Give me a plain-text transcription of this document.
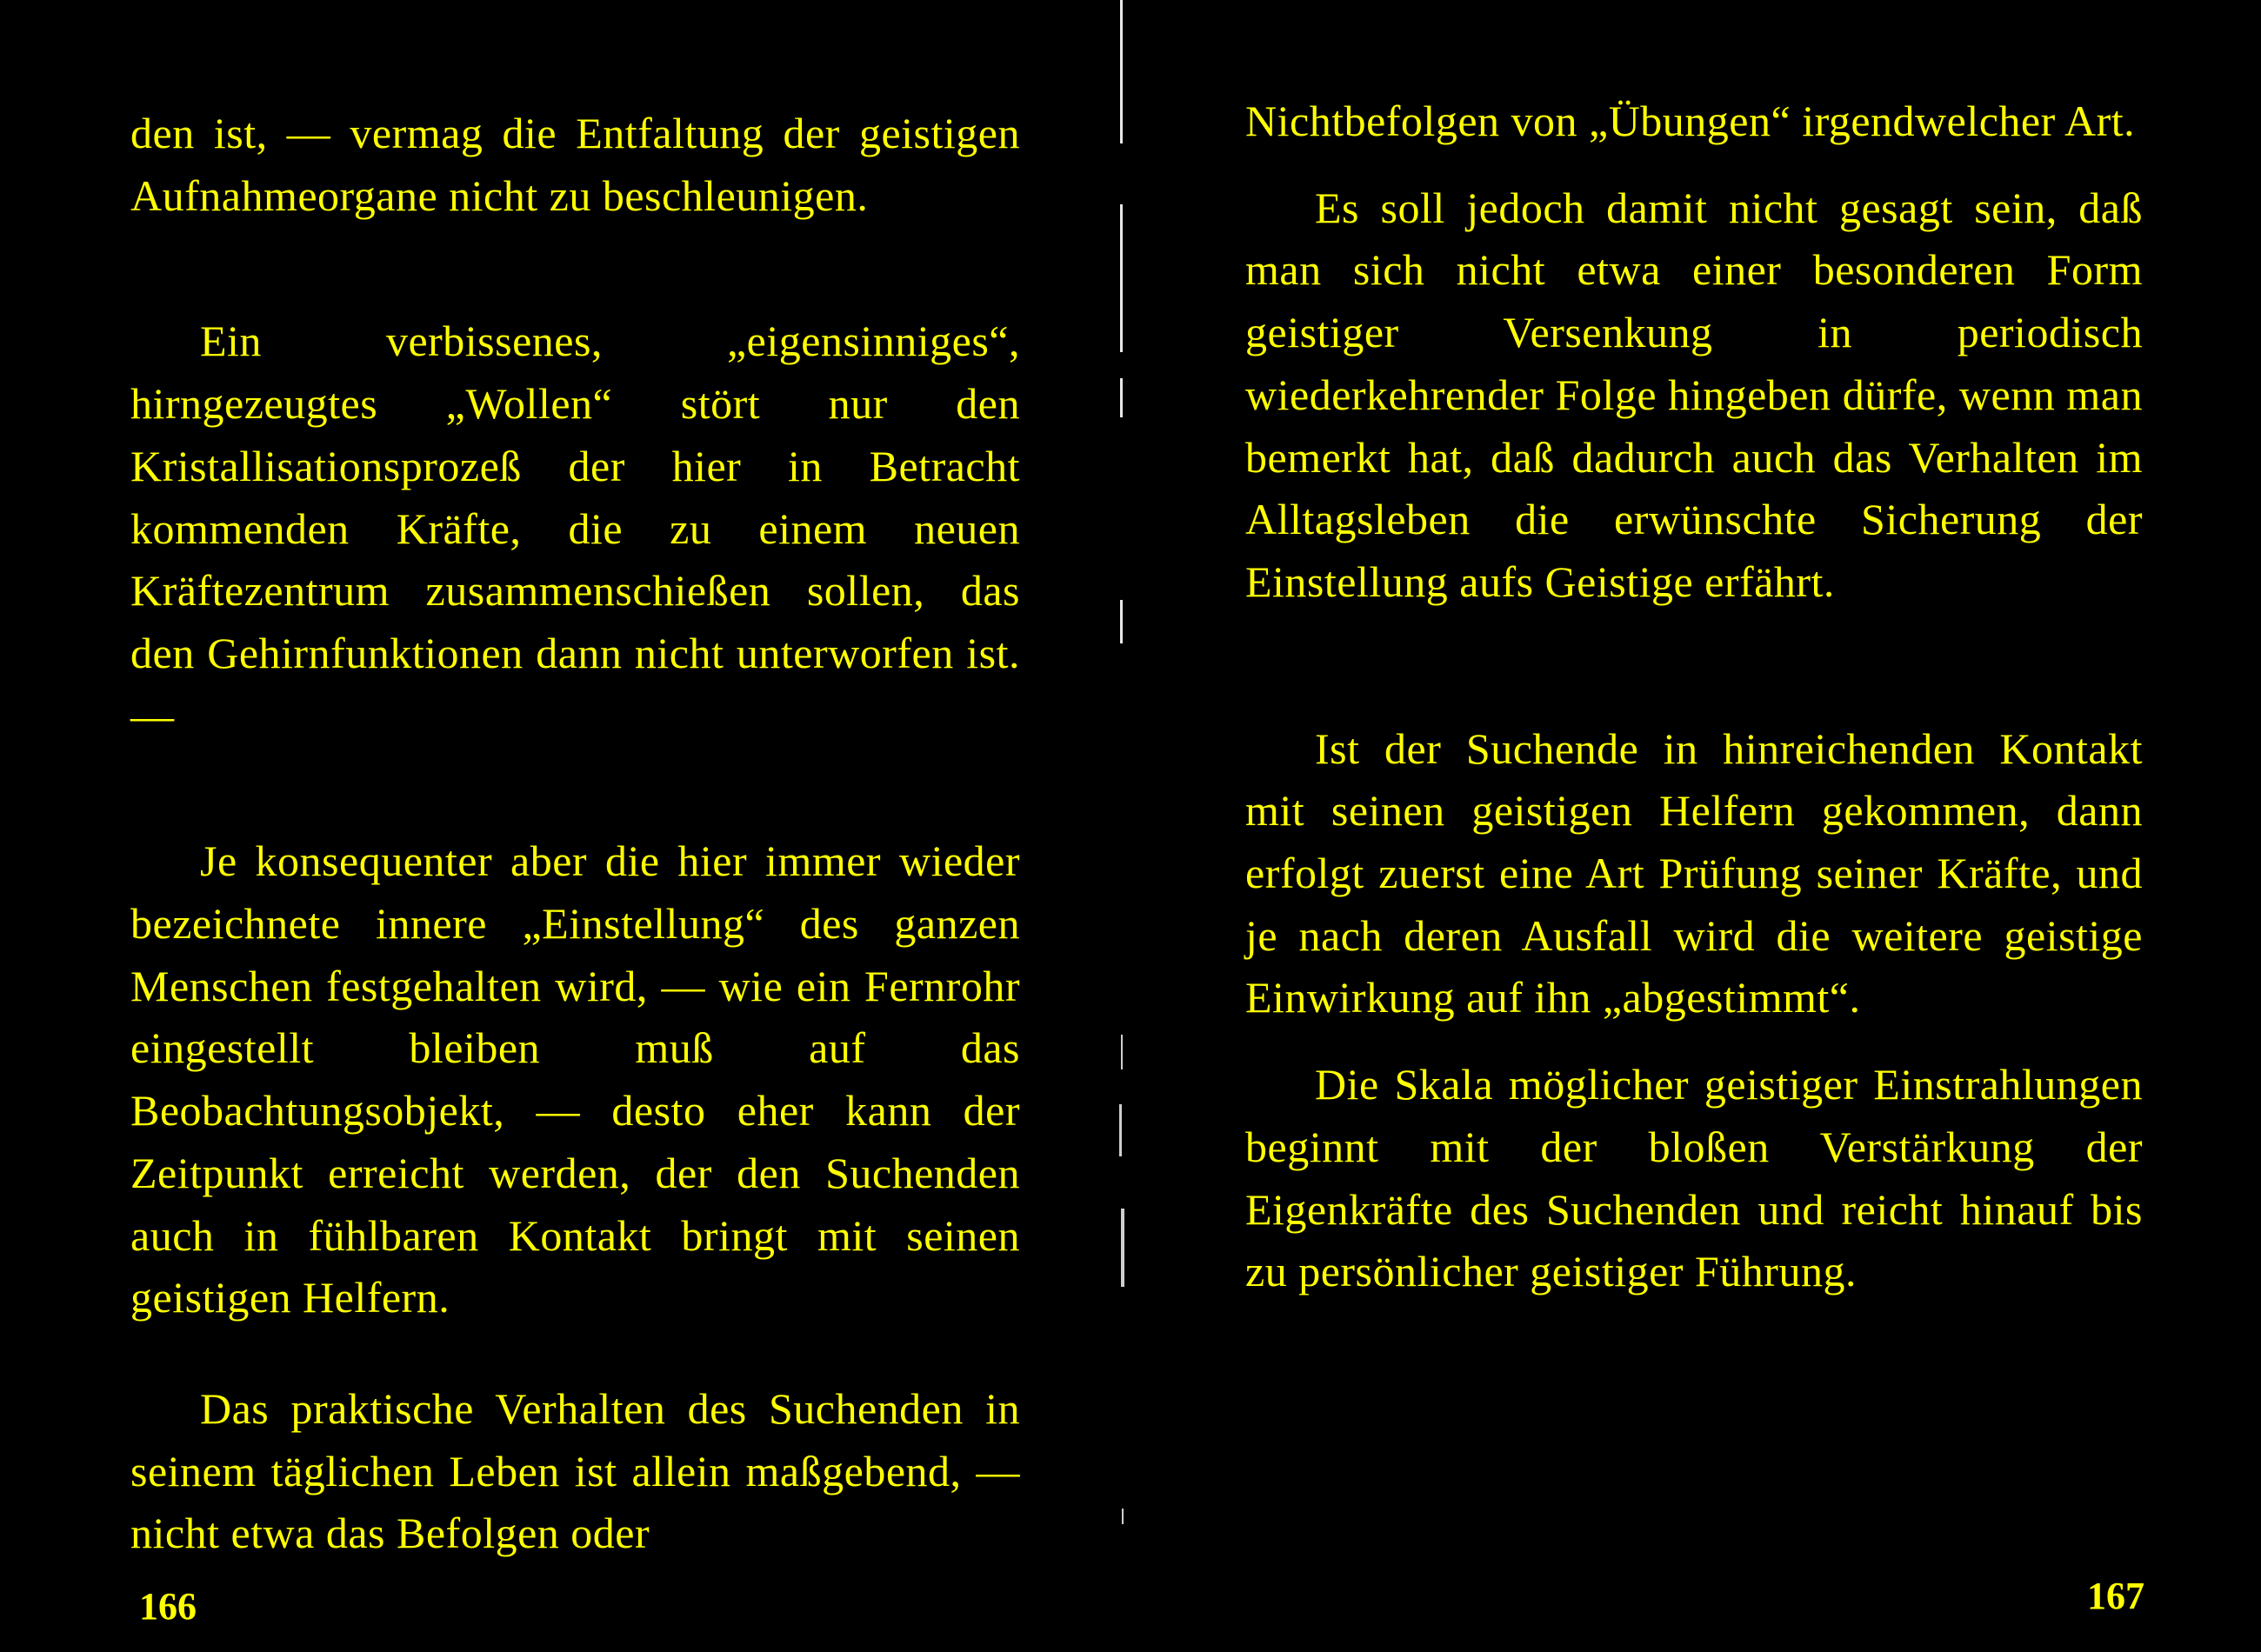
den ist, — vermag die Entfaltung der geistigen Aufnahmeorgane nicht zu beschleunigen.

Ein verbissenes, „eigensinniges“, hirngezeugtes „Wollen“ stört nur den Kristallisationsprozeß der hier in Betracht kommenden Kräfte, die zu einem neuen Kräftezentrum zusammenschießen sollen, das den Gehirnfunktionen dann nicht unterworfen ist. —

Je konsequenter aber die hier immer wieder bezeichnete innere „Einstellung“ des ganzen Menschen festgehalten wird, — wie ein Fernrohr eingestellt bleiben muß auf das Beobachtungsobjekt, — desto eher kann der Zeitpunkt erreicht werden, der den Suchenden auch in fühlbaren Kontakt bringt mit seinen geistigen Helfern.

Das praktische Verhalten des Suchenden in seinem täglichen Leben ist allein maßgebend, — nicht etwa das Befolgen oder

166

Nichtbefolgen von „Übungen“ irgendwelcher Art.

Es soll jedoch damit nicht gesagt sein, daß man sich nicht etwa einer besonderen Form geistiger Versenkung in periodisch wiederkehrender Folge hingeben dürfe, wenn man bemerkt hat, daß dadurch auch das Verhalten im Alltagsleben die erwünschte Sicherung der Einstellung aufs Geistige erfährt.

Ist der Suchende in hinreichenden Kontakt mit seinen geistigen Helfern gekommen, dann erfolgt zuerst eine Art Prüfung seiner Kräfte, und je nach deren Ausfall wird die weitere geistige Einwirkung auf ihn „abgestimmt“.

Die Skala möglicher geistiger Einstrahlungen beginnt mit der bloßen Verstärkung der Eigenkräfte des Suchenden und reicht hinauf bis zu persönlicher geistiger Führung.

167
